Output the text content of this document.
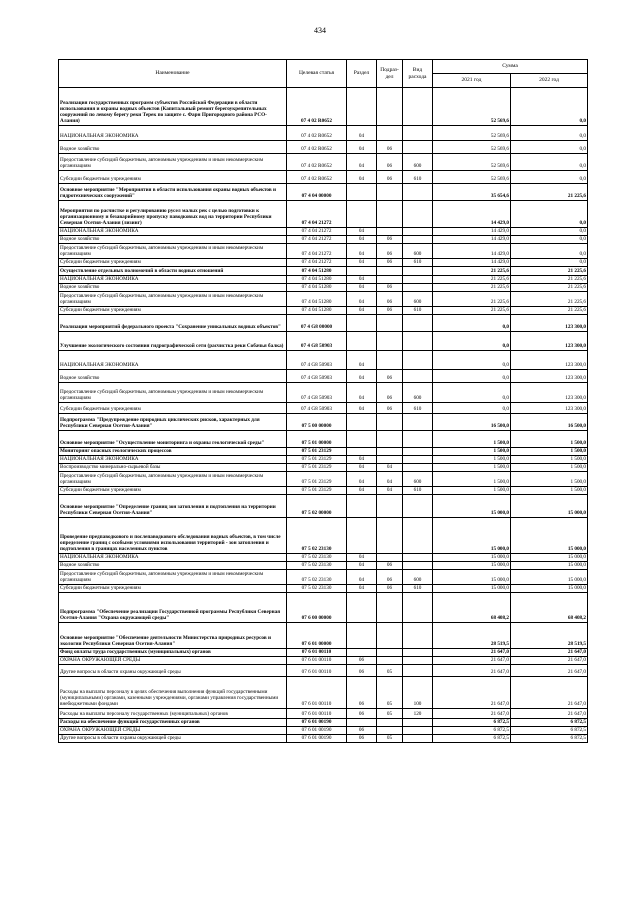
434
Наименование	Целевая статья	Раздел	Подраз-дел	Вид расхода	Сумма	
					2021 год	2022 год
Реализация государственных программ субъектов Российской Федерации в области использования и охраны водных объектов (Капитальный ремонт берегоукрепительных сооружений по левому берегу реки Терек по защите с. Фарн Пригородного района РСО-Алания)	07 4 02 R0652				52 569,6	0,0
НАЦИОНАЛЬНАЯ ЭКОНОМИКА	07 4 02 R0652	04			52 569,6	0,0
Водное хозяйство	07 4 02 R0652	04	06		52 569,6	0,0
Предоставление субсидий бюджетным, автономным учреждениям и иным некоммерческим организациям	07 4 02 R0652	04	06	600	52 569,6	0,0
Субсидии бюджетным учреждениям	07 4 02 R0652	04	06	610	52 569,6	0,0
Основное мероприятие "Мероприятия в области использования охраны водных объектов и гидротехнических сооружений"	07 4 04 00000				35 654,6	21 225,6
Мероприятия по расчистке и регулированию русел малых рек с целью подготовки к организационному и безаварийному пропуску паводковых вод на территории Республики Северная Осетия-Алания (лизинг)	07 4 04 21272				14 429,0	0,0
НАЦИОНАЛЬНАЯ ЭКОНОМИКА	07 4 04 21272	04			14 429,0	0,0
Водное хозяйство	07 4 04 21272	04	06		14 429,0	0,0
Предоставление субсидий бюджетным, автономным учреждениям и иным некоммерческим организациям	07 4 04 21272	04	06	600	14 429,0	0,0
Субсидии бюджетным учреждениям	07 4 04 21272	04	06	610	14 429,0	0,0
Осуществление отдельных полномочий в области водных отношений	07 4 04 51280				21 225,6	21 225,6
НАЦИОНАЛЬНАЯ ЭКОНОМИКА	07 4 04 51280	04			21 225,6	21 225,6
Водное хозяйство	07 4 04 51280	04	06		21 225,6	21 225,6
Предоставление субсидий бюджетным, автономным учреждениям и иным некоммерческим организациям	07 4 04 51280	04	06	600	21 225,6	21 225,6
Субсидии бюджетным учреждениям	07 4 04 51280	04	06	610	21 225,6	21 225,6
Реализация мероприятий федерального проекта "Сохранение уникальных водных объектов"	07 4 G8 00000				0,0	123 300,0
Улучшение экологического состояния гидрографической сети (расчистка реки Собачья балка)	07 4 G8 50903				0,0	123 300,0
НАЦИОНАЛЬНАЯ ЭКОНОМИКА	07 4 G8 50903	04			0,0	123 300,0
Водное хозяйство	07 4 G8 50903	04	06		0,0	123 300,0
Предоставление субсидий бюджетным, автономным учреждениям и иным некоммерческим организациям	07 4 G8 50903	04	06	600	0,0	123 300,0
Субсидии бюджетным учреждениям	07 4 G8 50903	04	06	610	0,0	123 300,0
Подпрограмма "Предупреждение природных циклических рисков, характерных для Республики Северная Осетия-Алания"	07 5 00 00000				16 500,0	16 500,0
Основное мероприятие "Осуществление мониторинга и охраны геологической среды"	07 5 01 00000				1 500,0	1 500,0
Мониторинг опасных геологических процессов	07 5 01 23129				1 500,0	1 500,0
НАЦИОНАЛЬНАЯ ЭКОНОМИКА	07 5 01 23129	04			1 500,0	1 500,0
Воспроизводство минерально-сырьевой базы	07 5 01 23129	04	04		1 500,0	1 500,0
Предоставление субсидий бюджетным, автономным учреждениям и иным некоммерческим организациям	07 5 01 23129	04	04	600	1 500,0	1 500,0
Субсидии бюджетным учреждениям	07 5 01 23129	04	04	610	1 500,0	1 500,0
Основное мероприятие "Определение границ зон затопления и подтопления на территории Республики Северная Осетия-Алания"	07 5 02 00000				15 000,0	15 000,0
Проведение предпаводкового и послепаводкового обследования водных объектов, в том числе определение границ с особыми условиями использования территорий - зон затопления и подтопления в границах населенных пунктов	07 5 02 23130				15 000,0	15 000,0
НАЦИОНАЛЬНАЯ ЭКОНОМИКА	07 5 02 23130	04			15 000,0	15 000,0
Водное хозяйство	07 5 02 23130	04	06		15 000,0	15 000,0
Предоставление субсидий бюджетным, автономным учреждениям и иным некоммерческим организациям	07 5 02 23130	04	06	600	15 000,0	15 000,0
Субсидии бюджетным учреждениям	07 5 02 23130	04	06	610	15 000,0	15 000,0
Подпрограмма "Обеспечение реализации Государственной программы Республики Северная Осетия-Алания "Охрана окружающей среды"	07 6 00 00000				68 408,2	68 408,2
Основное мероприятие "Обеспечение деятельности Министерства природных ресурсов и экологии Республики Северная Осетия-Алания"	07 6 01 00000				28 519,5	28 519,5
Фонд оплаты труда государственных (муниципальных) органов	07 6 01 00110				21 647,0	21 647,0
ОХРАНА ОКРУЖАЮЩЕЙ СРЕДЫ	07 6 01 00110	06			21 647,0	21 647,0
Другие вопросы в области охраны окружающей среды	07 6 01 00110	06	05		21 647,0	21 647,0
Расходы на выплаты персоналу в целях обеспечения выполнения функций государственными (муниципальными) органами, казенными учреждениями, органами управления государственными внебюджетными фондами	07 6 01 00110	06	05	100	21 647,0	21 647,0
Расходы на выплаты персоналу государственных (муниципальных) органов	07 6 01 00110	06	05	120	21 647,0	21 647,0
Расходы на обеспечение функций государственных органов	07 6 01 00190				6 872,5	6 872,5
ОХРАНА ОКРУЖАЮЩЕЙ СРЕДЫ	07 6 01 00190	06			6 872,5	6 872,5
Другие вопросы в области охраны окружающей среды	07 6 01 00190	06	05		6 872,5	6 872,5
